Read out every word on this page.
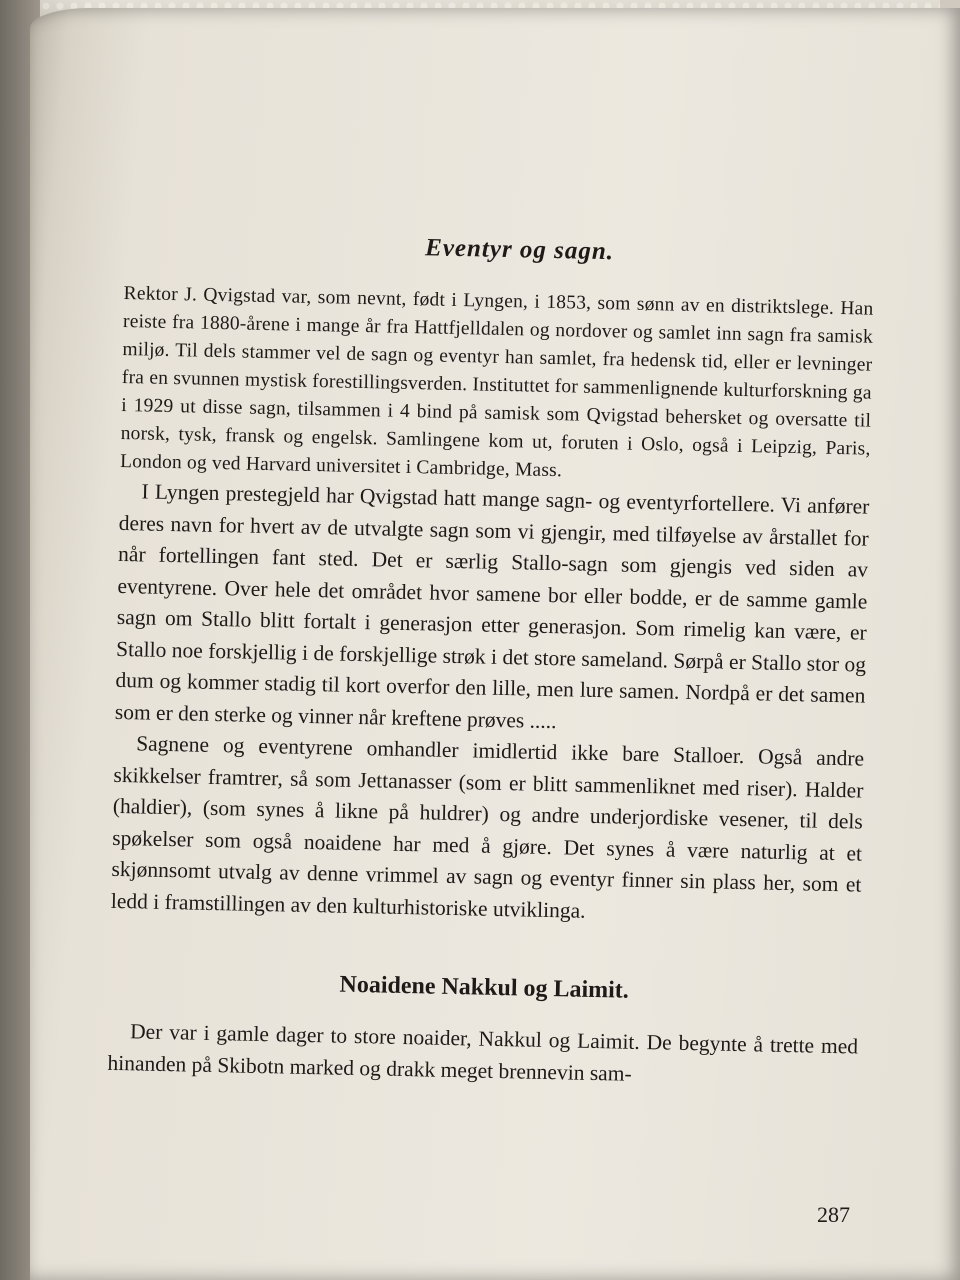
Eventyr og sagn.

Rektor J. Qvigstad var, som nevnt, født i Lyngen, i 1853, som sønn av en distriktslege. Han reiste fra 1880-årene i mange år fra Hattfjelldalen og nordover og samlet inn sagn fra samisk miljø. Til dels stammer vel de sagn og eventyr han samlet, fra hedensk tid, eller er levninger fra en svunnen mystisk forestillingsverden. Instituttet for sammenlignende kulturforskning ga i 1929 ut disse sagn, tilsammen i 4 bind på samisk som Qvigstad behersket og oversatte til norsk, tysk, fransk og engelsk. Samlingene kom ut, foruten i Oslo, også i Leipzig, Paris, London og ved Harvard universitet i Cambridge, Mass.

I Lyngen prestegjeld har Qvigstad hatt mange sagn- og eventyrfortellere. Vi anfører deres navn for hvert av de utvalgte sagn som vi gjengir, med tilføyelse av årstallet for når fortellingen fant sted. Det er særlig Stallo-sagn som gjengis ved siden av eventyrene. Over hele det området hvor samene bor eller bodde, er de samme gamle sagn om Stallo blitt fortalt i generasjon etter generasjon. Som rimelig kan være, er Stallo noe forskjellig i de forskjellige strøk i det store sameland. Sørpå er Stallo stor og dum og kommer stadig til kort overfor den lille, men lure samen. Nordpå er det samen som er den sterke og vinner når kreftene prøves .....

Sagnene og eventyrene omhandler imidlertid ikke bare Stalloer. Også andre skikkelser framtrer, så som Jettanasser (som er blitt sammenliknet med riser). Halder (haldier), (som synes å likne på huldrer) og andre underjordiske vesener, til dels spøkelser som også noaidene har med å gjøre. Det synes å være naturlig at et skjønnsomt utvalg av denne vrimmel av sagn og eventyr finner sin plass her, som et ledd i framstillingen av den kulturhistoriske utviklinga.

Noaidene Nakkul og Laimit.

Der var i gamle dager to store noaider, Nakkul og Laimit. De begynte å trette med hinanden på Skibotn marked og drakk meget brennevin sam-

287
